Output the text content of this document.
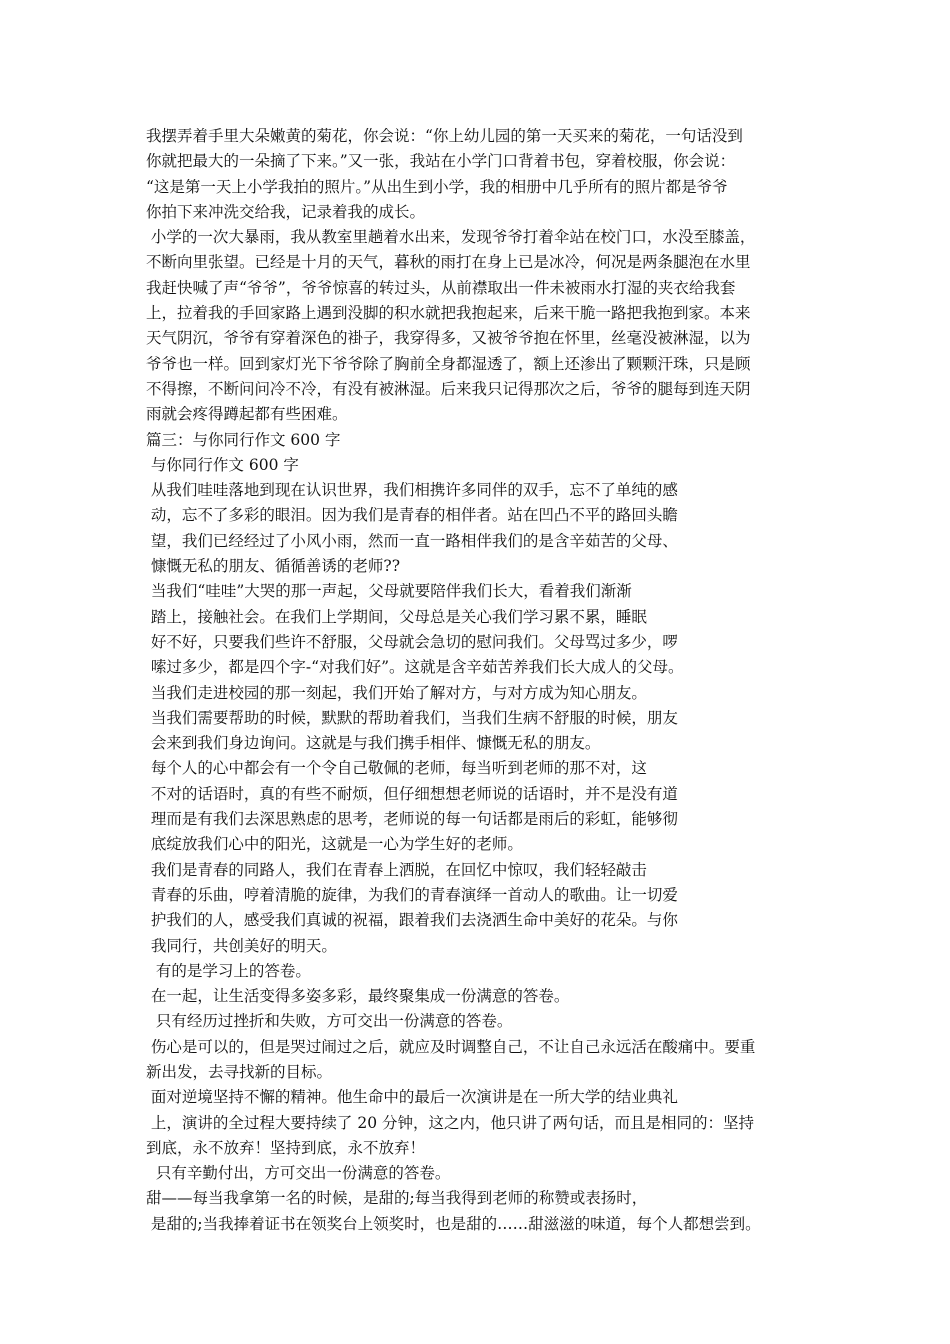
我摆弄着手里大朵嫩黄的菊花，你会说：“你上幼儿园的第一天买来的菊花，一句话没到
你就把最大的一朵摘了下来。”又一张，我站在小学门口背着书包，穿着校服，你会说：
“这是第一天上小学我拍的照片。”从出生到小学，我的相册中几乎所有的照片都是爷爷
你拍下来冲洗交给我，记录着我的成长。
小学的一次大暴雨，我从教室里趟着水出来，发现爷爷打着伞站在校门口，水没至膝盖，
不断向里张望。已经是十月的天气，暮秋的雨打在身上已是冰冷，何况是两条腿泡在水里
我赶快喊了声“爷爷”，爷爷惊喜的转过头，从前襟取出一件未被雨水打湿的夹衣给我套
上，拉着我的手回家路上遇到没脚的积水就把我抱起来，后来干脆一路把我抱到家。本来
天气阴沉，爷爷有穿着深色的褂子，我穿得多，又被爷爷抱在怀里，丝毫没被淋湿，以为
爷爷也一样。回到家灯光下爷爷除了胸前全身都湿透了，额上还渗出了颗颗汗珠，只是顾
不得擦，不断问问冷不冷，有没有被淋湿。后来我只记得那次之后，爷爷的腿每到连天阴
雨就会疼得蹲起都有些困难。
篇三：与你同行作文 600 字
与你同行作文 600 字
从我们哇哇落地到现在认识世界，我们相携许多同伴的双手，忘不了单纯的感
动，忘不了多彩的眼泪。因为我们是青春的相伴者。站在凹凸不平的路回头瞻
望，我们已经经过了小风小雨，然而一直一路相伴我们的是含辛茹苦的父母、
慷慨无私的朋友、循循善诱的老师??
当我们“哇哇”大哭的那一声起，父母就要陪伴我们长大，看着我们渐渐
踏上，接触社会。在我们上学期间，父母总是关心我们学习累不累，睡眠
好不好，只要我们些许不舒服，父母就会急切的慰问我们。父母骂过多少，啰
嗦过多少，都是四个字-“对我们好”。这就是含辛茹苦养我们长大成人的父母。
当我们走进校园的那一刻起，我们开始了解对方，与对方成为知心朋友。
当我们需要帮助的时候，默默的帮助着我们，当我们生病不舒服的时候，朋友
会来到我们身边询问。这就是与我们携手相伴、慷慨无私的朋友。
每个人的心中都会有一个令自己敬佩的老师，每当听到老师的那不对，这
不对的话语时，真的有些不耐烦，但仔细想想老师说的话语时，并不是没有道
理而是有我们去深思熟虑的思考，老师说的每一句话都是雨后的彩虹，能够彻
底绽放我们心中的阳光，这就是一心为学生好的老师。
我们是青春的同路人，我们在青春上洒脱，在回忆中惊叹，我们轻轻敲击
青春的乐曲，哼着清脆的旋律，为我们的青春演绎一首动人的歌曲。让一切爱
护我们的人，感受我们真诚的祝福，跟着我们去浇洒生命中美好的花朵。与你
我同行，共创美好的明天。
有的是学习上的答卷。
在一起，让生活变得多姿多彩，最终聚集成一份满意的答卷。
只有经历过挫折和失败，方可交出一份满意的答卷。
伤心是可以的，但是哭过闹过之后，就应及时调整自己，不让自己永远活在酸痛中。要重
新出发，去寻找新的目标。
面对逆境坚持不懈的精神。他生命中的最后一次演讲是在一所大学的结业典礼
上，演讲的全过程大要持续了 20 分钟，这之内，他只讲了两句话，而且是相同的：坚持
到底，永不放弃！坚持到底，永不放弃！
只有辛勤付出，方可交出一份满意的答卷。
甜——每当我拿第一名的时候，是甜的;每当我得到老师的称赞或表扬时，
是甜的;当我捧着证书在领奖台上领奖时，也是甜的……甜滋滋的味道，每个人都想尝到。
